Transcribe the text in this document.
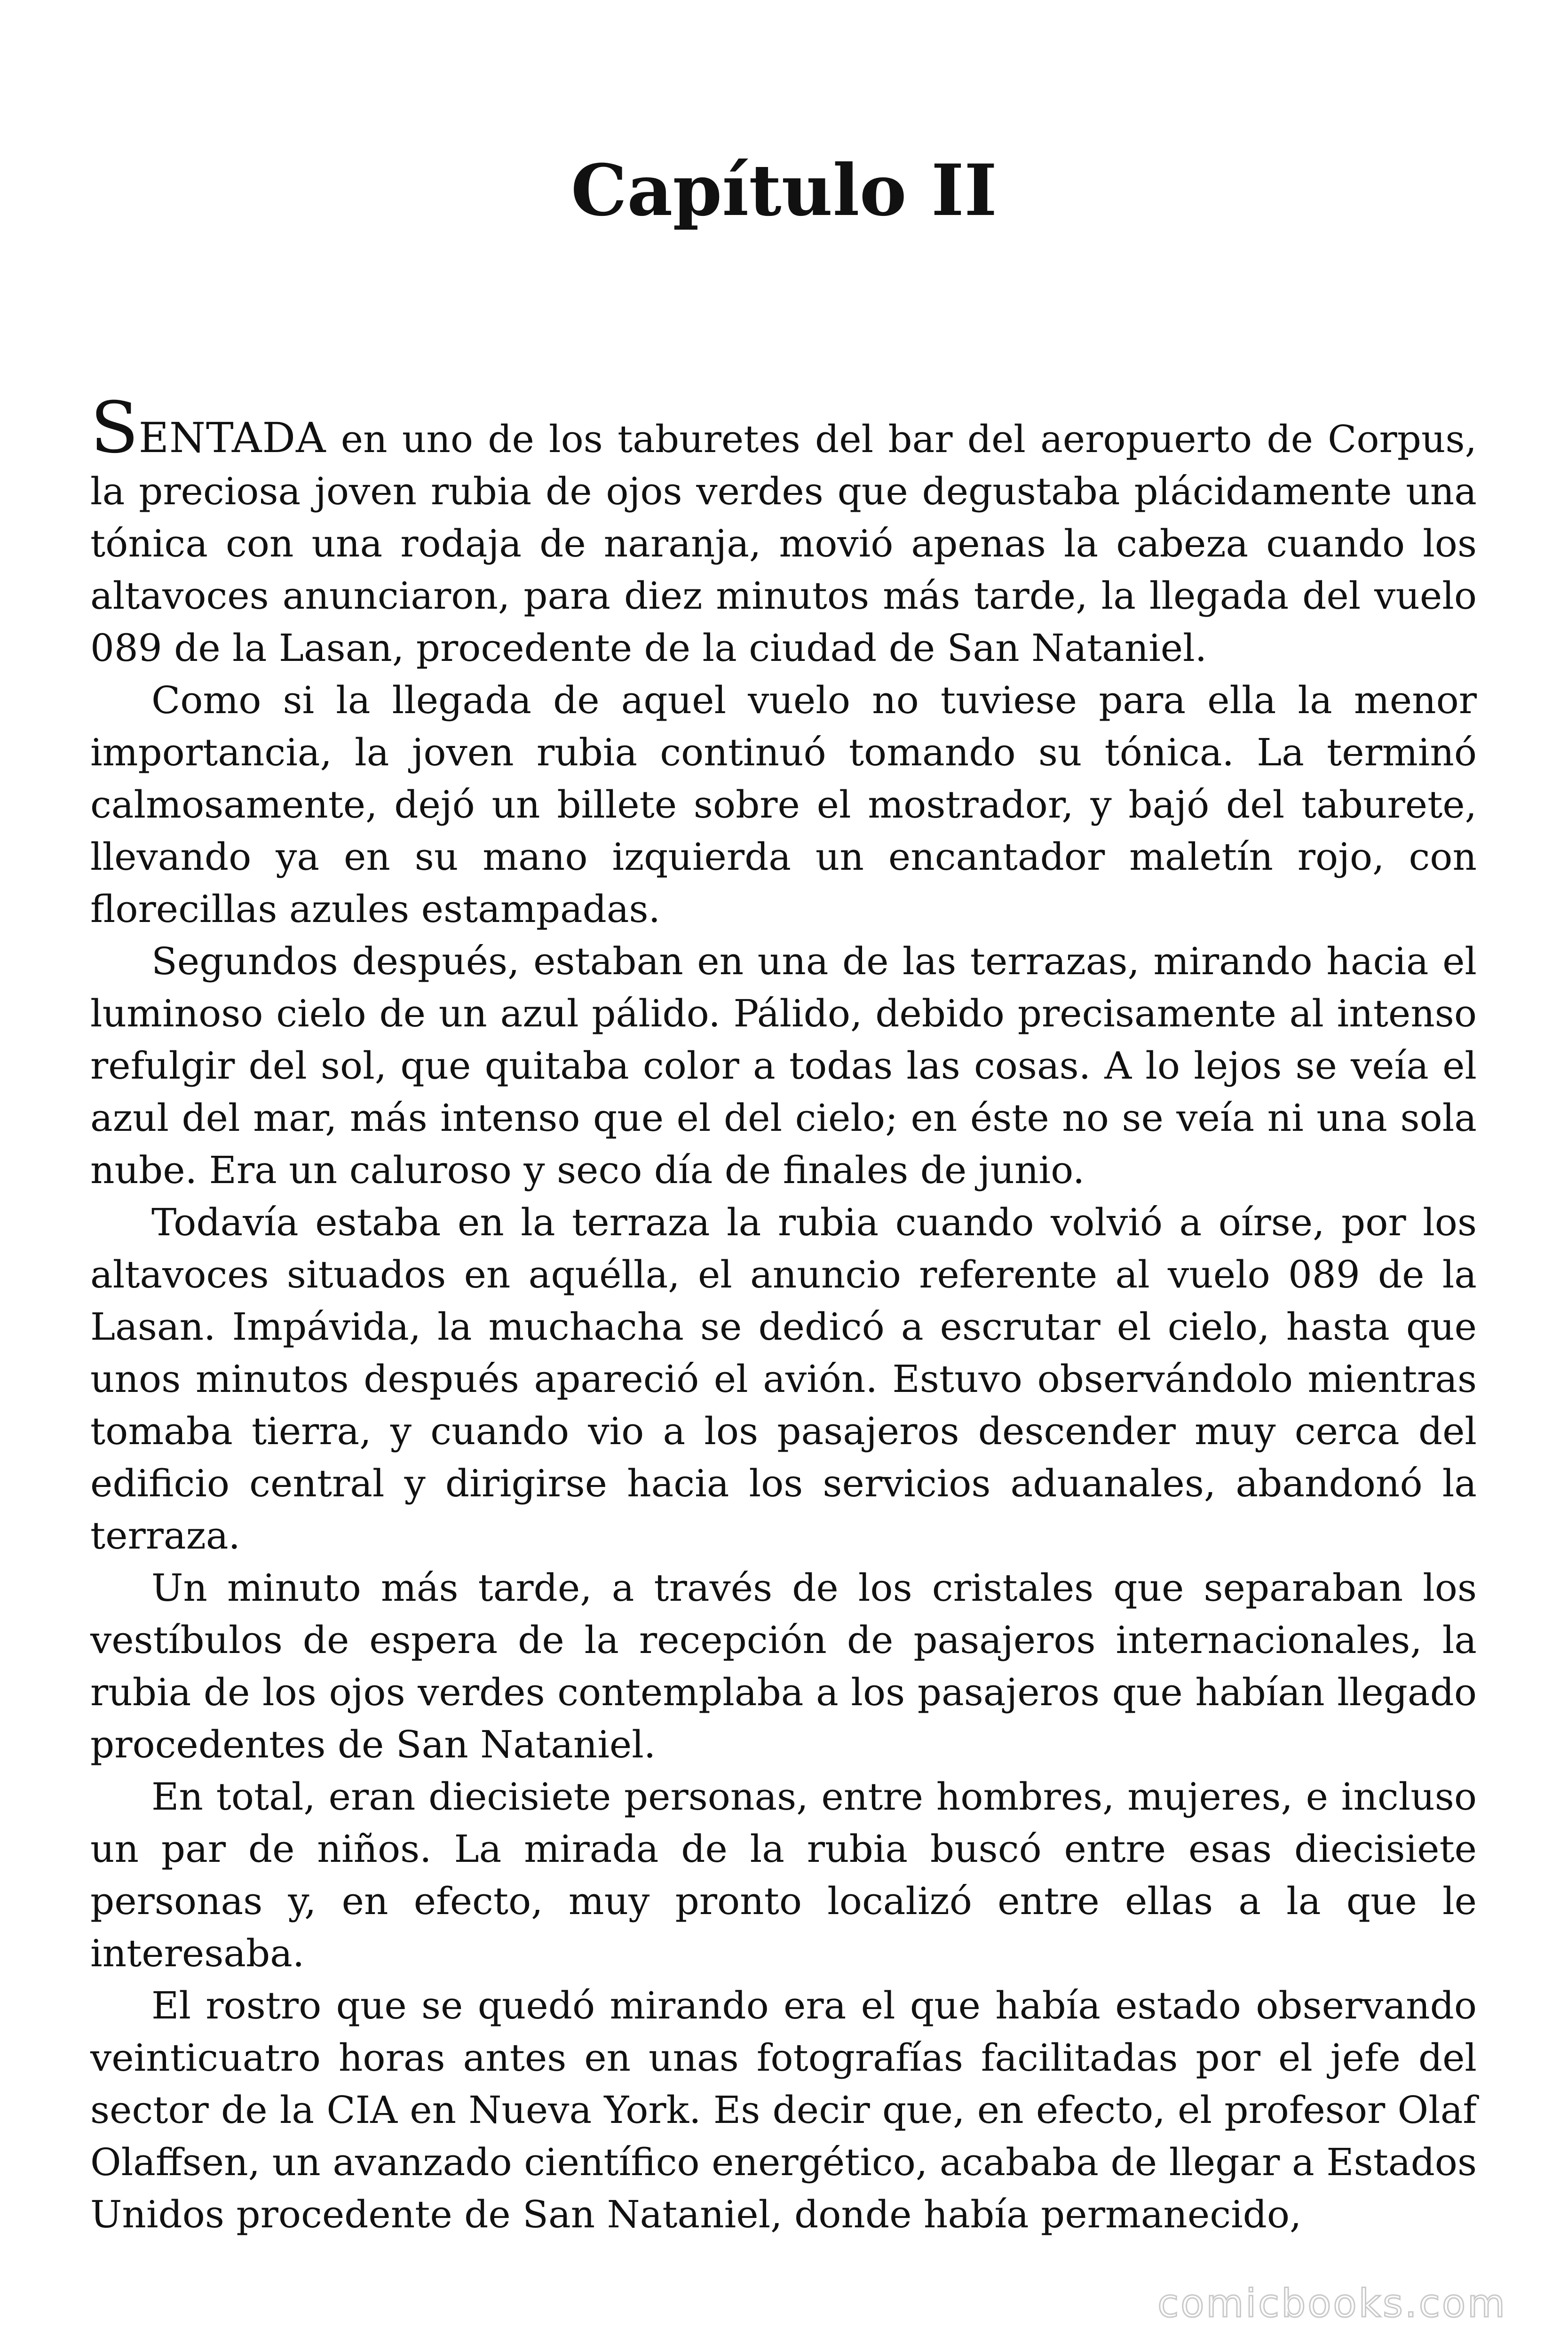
Capítulo II

SENTADA en uno de los taburetes del bar del aeropuerto de Corpus, la preciosa joven rubia de ojos verdes que degustaba plácidamente una tónica con una rodaja de naranja, movió apenas la cabeza cuando los altavoces anunciaron, para diez minutos más tarde, la llegada del vuelo 089 de la Lasan, procedente de la ciudad de San Nataniel.

Como si la llegada de aquel vuelo no tuviese para ella la menor importancia, la joven rubia continuó tomando su tónica. La terminó calmosamente, dejó un billete sobre el mostrador, y bajó del taburete, llevando ya en su mano izquierda un encantador maletín rojo, con florecillas azules estampadas.

Segundos después, estaban en una de las terrazas, mirando hacia el luminoso cielo de un azul pálido. Pálido, debido precisamente al intenso refulgir del sol, que quitaba color a todas las cosas. A lo lejos se veía el azul del mar, más intenso que el del cielo; en éste no se veía ni una sola nube. Era un caluroso y seco día de finales de junio.

Todavía estaba en la terraza la rubia cuando volvió a oírse, por los altavoces situados en aquélla, el anuncio referente al vuelo 089 de la Lasan. Impávida, la muchacha se dedicó a escrutar el cielo, hasta que unos minutos después apareció el avión. Estuvo observándolo mientras tomaba tierra, y cuando vio a los pasajeros descender muy cerca del edificio central y dirigirse hacia los servicios aduanales, abandonó la terraza.

Un minuto más tarde, a través de los cristales que separaban los vestíbulos de espera de la recepción de pasajeros internacionales, la rubia de los ojos verdes contemplaba a los pasajeros que habían llegado procedentes de San Nataniel.

En total, eran diecisiete personas, entre hombres, mujeres, e incluso un par de niños. La mirada de la rubia buscó entre esas diecisiete personas y, en efecto, muy pronto localizó entre ellas a la que le interesaba.

El rostro que se quedó mirando era el que había estado observando veinticuatro horas antes en unas fotografías facilitadas por el jefe del sector de la CIA en Nueva York. Es decir que, en efecto, el profesor Olaf Olaffsen, un avanzado científico energético, acababa de llegar a Estados Unidos procedente de San Nataniel, donde había permanecido,

comicbooks.com
